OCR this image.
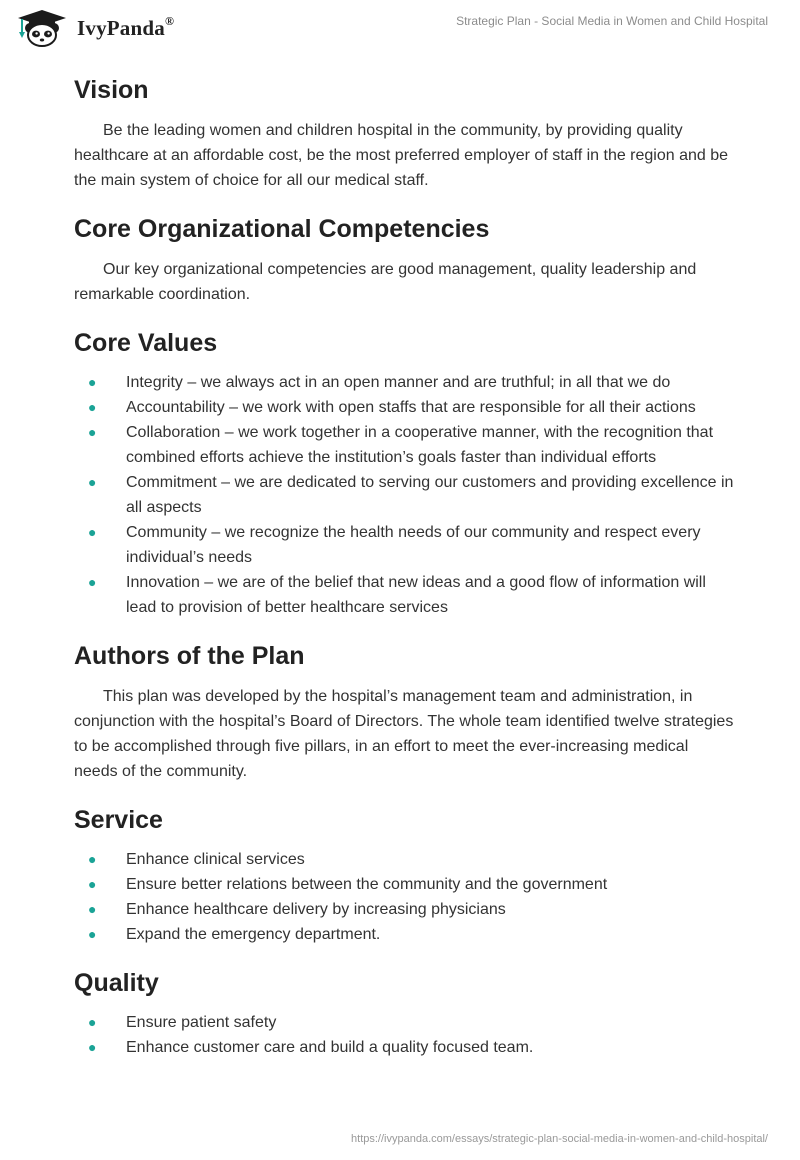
IvyPanda®	Strategic Plan - Social Media in Women and Child Hospital
Vision

Be the leading women and children hospital in the community, by providing quality healthcare at an affordable cost, be the most preferred employer of staff in the region and be the main system of choice for all our medical staff.

Core Organizational Competencies

Our key organizational competencies are good management, quality leadership and remarkable coordination.

Core Values
● Integrity – we always act in an open manner and are truthful; in all that we do
● Accountability – we work with open staffs that are responsible for all their actions
● Collaboration – we work together in a cooperative manner, with the recognition that combined efforts achieve the institution’s goals faster than individual efforts
● Commitment – we are dedicated to serving our customers and providing excellence in all aspects
● Community – we recognize the health needs of our community and respect every individual’s needs
● Innovation – we are of the belief that new ideas and a good flow of information will lead to provision of better healthcare services
Authors of the Plan

This plan was developed by the hospital’s management team and administration, in conjunction with the hospital’s Board of Directors. The whole team identified twelve strategies to be accomplished through five pillars, in an effort to meet the ever-increasing medical needs of the community.

Service
● Enhance clinical services
● Ensure better relations between the community and the government
● Enhance healthcare delivery by increasing physicians
● Expand the emergency department.
Quality
● Ensure patient safety
● Enhance customer care and build a quality focused team.
https://ivypanda.com/essays/strategic-plan-social-media-in-women-and-child-hospital/
